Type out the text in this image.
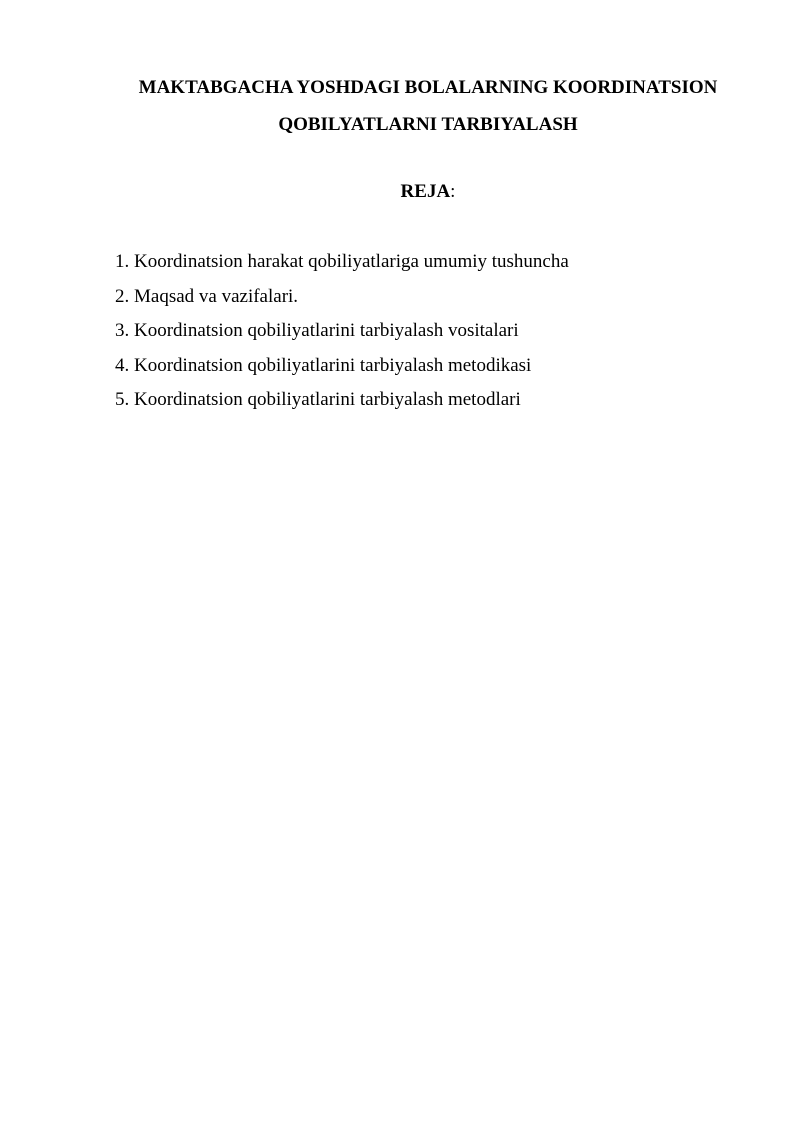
MAKTABGACHA YOSHDAGI BOLALARNING KOORDINATSION
QOBILYATLARNI TARBIYALASH
REJA:
1. Koordinatsion harakat qobiliyatlariga umumiy tushuncha
2. Maqsad va vazifalari.
3. Koordinatsion qobiliyatlarini tarbiyalash vositalari
4. Koordinatsion qobiliyatlarini tarbiyalash metodikasi
5. Koordinatsion qobiliyatlarini tarbiyalash metodlari
